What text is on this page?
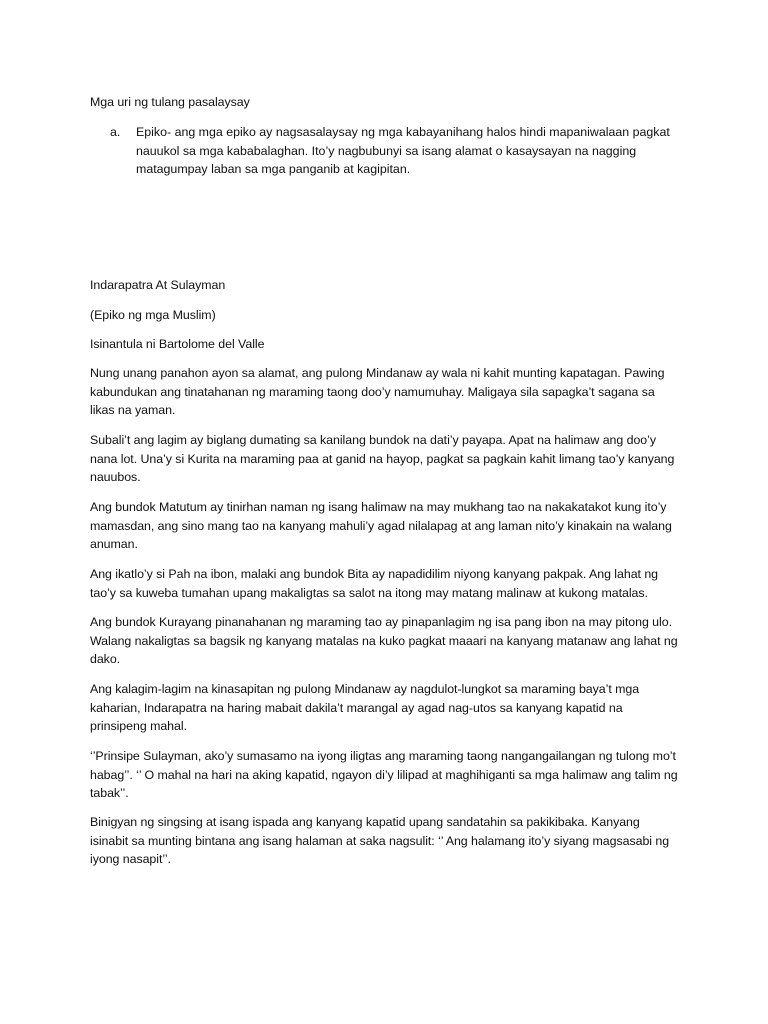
Mga uri ng tulang pasalaysay

a. Epiko- ang mga epiko ay nagsasalaysay ng mga kabayanihang halos hindi mapaniwalaan pagkat nauukol sa mga kababalaghan. Ito’y nagbubunyi sa isang alamat o kasaysayan na nagging matagumpay laban sa mga panganib at kagipitan.

Indarapatra At Sulayman

(Epiko ng mga Muslim)

Isinantula ni Bartolome del Valle

Nung unang panahon ayon sa alamat, ang pulong Mindanaw ay wala ni kahit munting kapatagan. Pawing kabundukan ang tinatahanan ng maraming taong doo’y namumuhay. Maligaya sila sapagka’t sagana sa likas na yaman.

Subali’t ang lagim ay biglang dumating sa kanilang bundok na dati’y payapa. Apat na halimaw ang doo’y nana lot. Una’y si Kurita na maraming paa at ganid na hayop, pagkat sa pagkain kahit limang tao’y kanyang nauubos.

Ang bundok Matutum ay tinirhan naman ng isang halimaw na may mukhang tao na nakakatakot kung ito’y mamasdan, ang sino mang tao na kanyang mahuli’y agad nilalapag at ang laman nito’y kinakain na walang anuman.

Ang ikatlo’y si Pah na ibon, malaki ang bundok Bita ay napadidilim niyong kanyang pakpak. Ang lahat ng tao’y sa kuweba tumahan upang makaligtas sa salot na itong may matang malinaw at kukong matalas.

Ang bundok Kurayang pinanahanan ng maraming tao ay pinapanlagim ng isa pang ibon na may pitong ulo. Walang nakaligtas sa bagsik ng kanyang matalas na kuko pagkat maaari na kanyang matanaw ang lahat ng dako.

Ang kalagim-lagim na kinasapitan ng pulong Mindanaw ay nagdulot-lungkot sa maraming baya’t mga kaharian, Indarapatra na haring mabait dakila’t marangal ay agad nag-utos sa kanyang kapatid na prinsipeng mahal.

‘’Prinsipe Sulayman, ako’y sumasamo na iyong iligtas ang maraming taong nangangailangan ng tulong mo’t habag’’. ‘’ O mahal na hari na aking kapatid, ngayon di’y lilipad at maghihiganti sa mga halimaw ang talim ng tabak’’.

Binigyan ng singsing at isang ispada ang kanyang kapatid upang sandatahin sa pakikibaka. Kanyang isinabit sa munting bintana ang isang halaman at saka nagsulit: ‘’ Ang halamang ito’y siyang magsasabi ng iyong nasapit’’.
